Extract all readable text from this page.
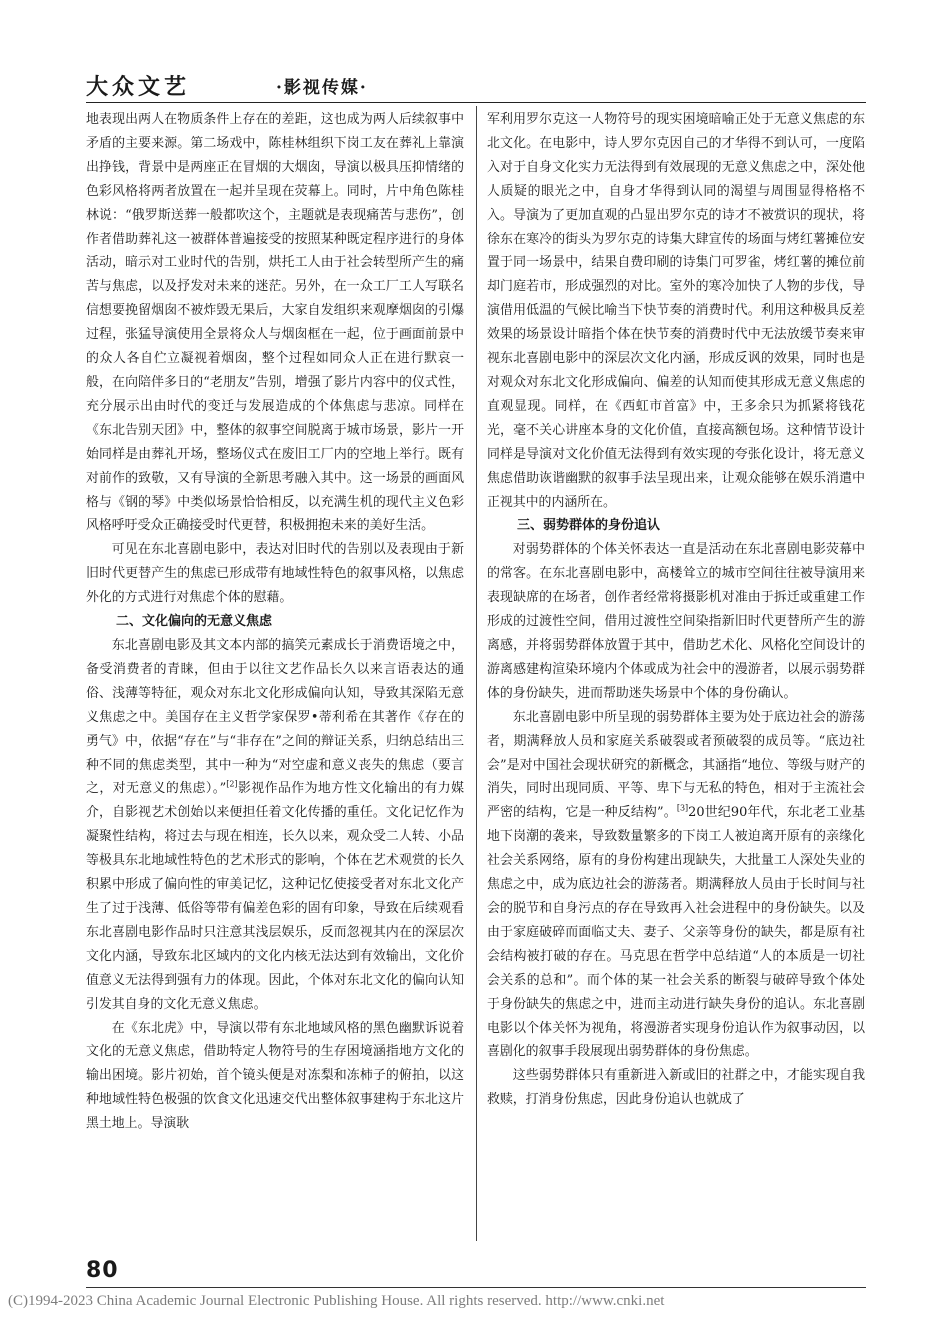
大众文艺	·影视传媒·

地表现出两人在物质条件上存在的差距，这也成为两人后续叙事中矛盾的主要来源。第二场戏中，陈桂林组织下岗工友在葬礼上靠演出挣钱，背景中是两座正在冒烟的大烟囱，导演以极具压抑情绪的色彩风格将两者放置在一起并呈现在荧幕上。同时，片中角色陈桂林说：“俄罗斯送葬一般都吹这个，主题就是表现痛苦与悲伤”，创作者借助葬礼这一被群体普遍接受的按照某种既定程序进行的身体活动，暗示对工业时代的告别，烘托工人由于社会转型所产生的痛苦与焦虑，以及抒发对未来的迷茫。另外，在一众工厂工人写联名信想要挽留烟囱不被炸毁无果后，大家自发组织来观摩烟囱的引爆过程，张猛导演使用全景将众人与烟囱框在一起，位于画面前景中的众人各自伫立凝视着烟囱，整个过程如同众人正在进行默哀一般，在向陪伴多日的“老朋友”告别，增强了影片内容中的仪式性，充分展示出由时代的变迁与发展造成的个体焦虑与悲凉。同样在《东北告别天团》中，整体的叙事空间脱离于城市场景，影片一开始同样是由葬礼开场，整场仪式在废旧工厂内的空地上举行。既有对前作的致敬，又有导演的全新思考融入其中。这一场景的画面风格与《钢的琴》中类似场景恰恰相反，以充满生机的现代主义色彩风格呼吁受众正确接受时代更替，积极拥抱未来的美好生活。

可见在东北喜剧电影中，表达对旧时代的告别以及表现由于新旧时代更替产生的焦虑已形成带有地域性特色的叙事风格，以焦虑外化的方式进行对焦虑个体的慰藉。

二、文化偏向的无意义焦虑

东北喜剧电影及其文本内部的搞笑元素成长于消费语境之中，备受消费者的青睐，但由于以往文艺作品长久以来言语表达的通俗、浅薄等特征，观众对东北文化形成偏向认知，导致其深陷无意义焦虑之中。美国存在主义哲学家保罗•蒂利希在其著作《存在的勇气》中，依据“存在”与“非存在”之间的辩证关系，归纳总结出三种不同的焦虑类型，其中一种为“对空虚和意义丧失的焦虑（要言之，对无意义的焦虑）。”[2]影视作品作为地方性文化输出的有力媒介，自影视艺术创始以来便担任着文化传播的重任。文化记忆作为凝聚性结构，将过去与现在相连，长久以来，观众受二人转、小品等极具东北地域性特色的艺术形式的影响，个体在艺术观赏的长久积累中形成了偏向性的审美记忆，这种记忆使接受者对东北文化产生了过于浅薄、低俗等带有偏差色彩的固有印象，导致在后续观看东北喜剧电影作品时只注意其浅层娱乐，反而忽视其内在的深层次文化内涵，导致东北区域内的文化内核无法达到有效输出，文化价值意义无法得到强有力的体现。因此，个体对东北文化的偏向认知引发其自身的文化无意义焦虑。

在《东北虎》中，导演以带有东北地域风格的黑色幽默诉说着文化的无意义焦虑，借助特定人物符号的生存困境涵指地方文化的输出困境。影片初始，首个镜头便是对冻梨和冻柿子的俯拍，以这种地域性特色极强的饮食文化迅速交代出整体叙事建构于东北这片黑土地上。导演耿

军利用罗尔克这一人物符号的现实困境暗喻正处于无意义焦虑的东北文化。在电影中，诗人罗尔克因自己的才华得不到认可，一度陷入对于自身文化实力无法得到有效展现的无意义焦虑之中，深处他人质疑的眼光之中，自身才华得到认同的渴望与周围显得格格不入。导演为了更加直观的凸显出罗尔克的诗才不被赏识的现状，将徐东在寒冷的街头为罗尔克的诗集大肆宣传的场面与烤红薯摊位安置于同一场景中，结果自费印刷的诗集门可罗雀，烤红薯的摊位前却门庭若市，形成强烈的对比。室外的寒冷加快了人物的步伐，导演借用低温的气候比喻当下快节奏的消费时代。利用这种极具反差效果的场景设计暗指个体在快节奏的消费时代中无法放缓节奏来审视东北喜剧电影中的深层次文化内涵，形成反讽的效果，同时也是对观众对东北文化形成偏向、偏差的认知而使其形成无意义焦虑的直观显现。同样，在《西虹市首富》中，王多余只为抓紧将钱花光，毫不关心讲座本身的文化价值，直接高额包场。这种情节设计同样是导演对文化价值无法得到有效实现的夸张化设计，将无意义焦虑借助诙谐幽默的叙事手法呈现出来，让观众能够在娱乐消遣中正视其中的内涵所在。

三、弱势群体的身份追认

对弱势群体的个体关怀表达一直是活动在东北喜剧电影荧幕中的常客。在东北喜剧电影中，高楼耸立的城市空间往往被导演用来表现缺席的在场者，创作者经常将摄影机对准由于拆迁或重建工作形成的过渡性空间，借用过渡性空间染指新旧时代更替所产生的游离感，并将弱势群体放置于其中，借助艺术化、风格化空间设计的游离感建构渲染环境内个体或成为社会中的漫游者，以展示弱势群体的身份缺失，进而帮助迷失场景中个体的身份确认。

东北喜剧电影中所呈现的弱势群体主要为处于底边社会的游荡者，期满释放人员和家庭关系破裂或者预破裂的成员等。“底边社会”是对中国社会现状研究的新概念，其涵指“地位、等级与财产的消失，同时出现同质、平等、卑下与无私的特色，相对于主流社会严密的结构，它是一种反结构”。[3]20世纪90年代，东北老工业基地下岗潮的袭来，导致数量繁多的下岗工人被迫离开原有的亲缘化社会关系网络，原有的身份构建出现缺失，大批量工人深处失业的焦虑之中，成为底边社会的游荡者。期满释放人员由于长时间与社会的脱节和自身污点的存在导致再入社会进程中的身份缺失。以及由于家庭破碎而面临丈夫、妻子、父亲等身份的缺失，都是原有社会结构被打破的存在。马克思在哲学中总结道“人的本质是一切社会关系的总和”。而个体的某一社会关系的断裂与破碎导致个体处于身份缺失的焦虑之中，进而主动进行缺失身份的追认。东北喜剧电影以个体关怀为视角，将漫游者实现身份追认作为叙事动因，以喜剧化的叙事手段展现出弱势群体的身份焦虑。

这些弱势群体只有重新进入新或旧的社群之中，才能实现自我救赎，打消身份焦虑，因此身份追认也就成了

80
(C)1994-2023 China Academic Journal Electronic Publishing House. All rights reserved. http://www.cnki.net
